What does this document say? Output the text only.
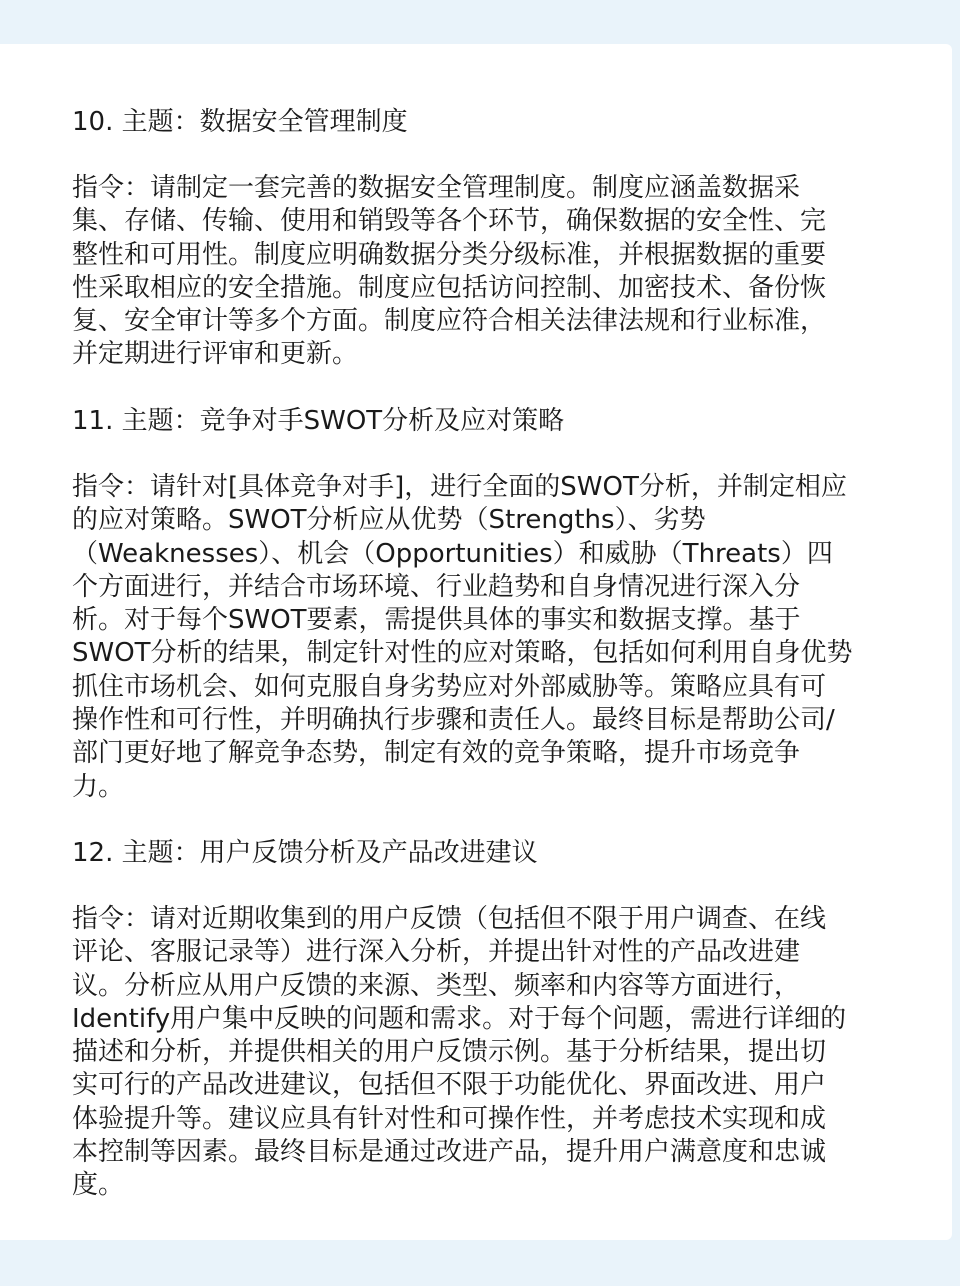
10. 主题：数据安全管理制度

指令：请制定一套完善的数据安全管理制度。制度应涵盖数据采
集、存储、传输、使用和销毁等各个环节，确保数据的安全性、完
整性和可用性。制度应明确数据分类分级标准，并根据数据的重要
性采取相应的安全措施。制度应包括访问控制、加密技术、备份恢
复、安全审计等多个方面。制度应符合相关法律法规和行业标准，
并定期进行评审和更新。

11. 主题：竞争对手SWOT分析及应对策略

指令：请针对[具体竞争对手]，进行全面的SWOT分析，并制定相应
的应对策略。SWOT分析应从优势（Strengths）、劣势
（Weaknesses）、机会（Opportunities）和威胁（Threats）四
个方面进行，并结合市场环境、行业趋势和自身情况进行深入分
析。对于每个SWOT要素，需提供具体的事实和数据支撑。基于
SWOT分析的结果，制定针对性的应对策略，包括如何利用自身优势
抓住市场机会、如何克服自身劣势应对外部威胁等。策略应具有可
操作性和可行性，并明确执行步骤和责任人。最终目标是帮助公司/
部门更好地了解竞争态势，制定有效的竞争策略，提升市场竞争
力。

12. 主题：用户反馈分析及产品改进建议

指令：请对近期收集到的用户反馈（包括但不限于用户调查、在线
评论、客服记录等）进行深入分析，并提出针对性的产品改进建
议。分析应从用户反馈的来源、类型、频率和内容等方面进行，
Identify用户集中反映的问题和需求。对于每个问题，需进行详细的
描述和分析，并提供相关的用户反馈示例。基于分析结果，提出切
实可行的产品改进建议，包括但不限于功能优化、界面改进、用户
体验提升等。建议应具有针对性和可操作性，并考虑技术实现和成
本控制等因素。最终目标是通过改进产品，提升用户满意度和忠诚
度。
